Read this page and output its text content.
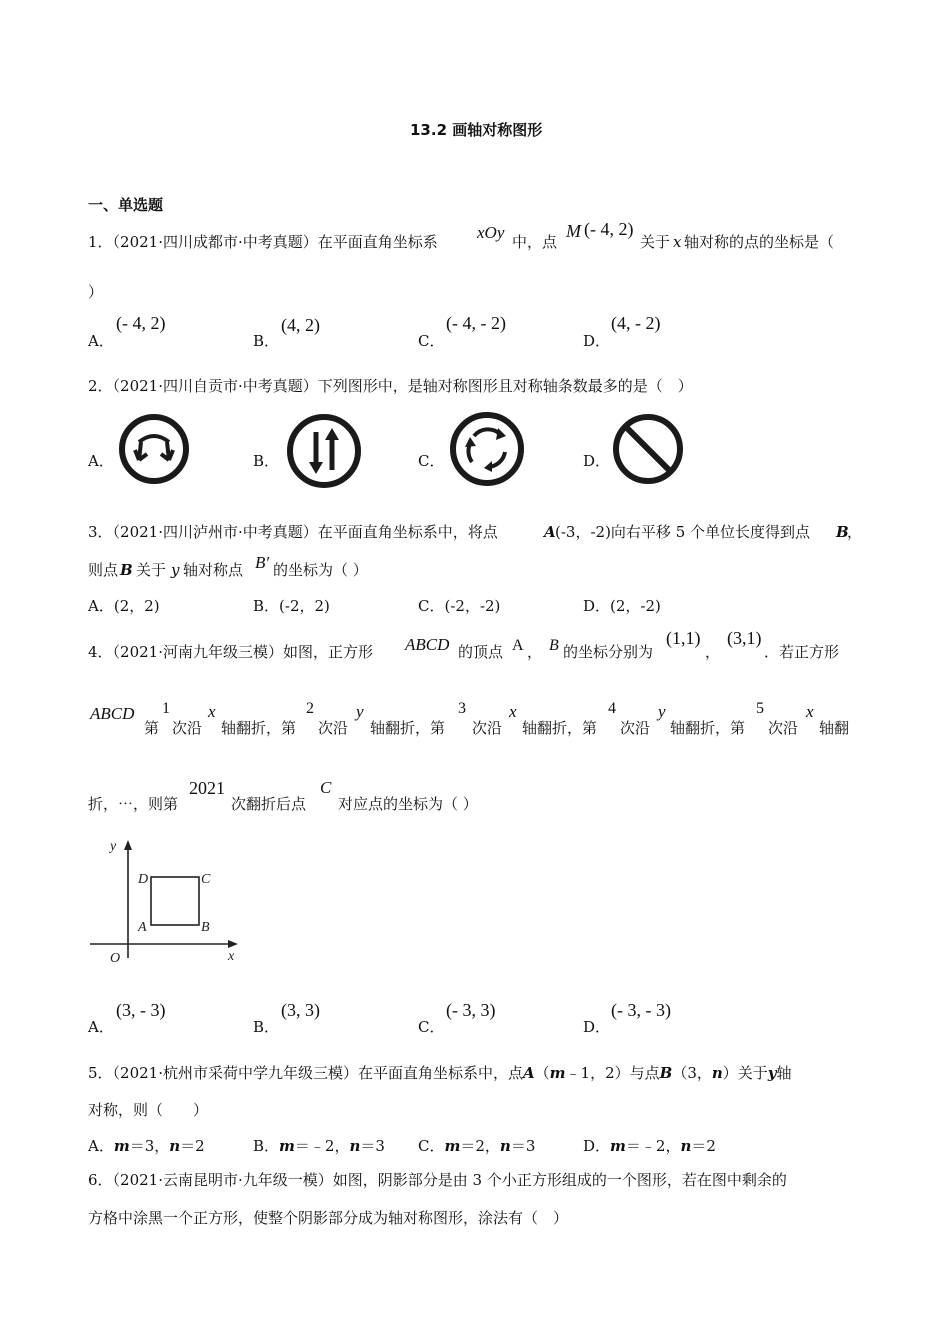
13.2 画轴对称图形
一、单选题
1．（2021·四川成都市·中考真题）在平面直角坐标系 xOy 中，点
M (- 4, 2)
关于 x 轴对称的点的坐标是（
）
A．
(- 4, 2)
B．
(4, 2)
C．
(- 4, - 2)
D．
(4, - 2)
2．（2021·四川自贡市·中考真题）下列图形中，是轴对称图形且对称轴条数最多的是（　）
A．	B．	C．	D．
3．（2021·四川泸州市·中考真题）在平面直角坐标系中，将点	A (-3，-2)向右平移 5 个单位长度得到点 B
，
则点 B 关于 y 轴对称点 B′ 的坐标为（ ）
A．(2，2)	B．(-2，2)	C．(-2，-2)	D．(2，-2)
4．（2021·河南九年级三模）如图，正方形 ABCD 的顶点 A ， B 的坐标分别为
(1,1)
，
(3,1)
．若正方形
ABCD
第
1
次沿
x
轴翻折，第
2
次沿
y
轴翻折，第
3
次沿
x
轴翻折，第
4
次沿
y
轴翻折，第
5
次沿
x
轴翻
折，⋯，则第
2021
次翻折后点
C
对应点的坐标为（ ）
y
x
O
D	C
A	B
A．
(3, - 3)
B．
(3, 3)
C．
(- 3, 3)
D．
(- 3, - 3)
5．（2021·杭州市采荷中学九年级三模）在平面直角坐标系中，点A（m﹣1，2）与点B（3，n）关于y轴
对称，则（　　）
A．m＝3，n＝2	B．m＝﹣2，n＝3 C．m＝2，n＝3	D．m＝﹣2，n＝2
6．（2021·云南昆明市·九年级一模）如图，阴影部分是由 3 个小正方形组成的一个图形，若在图中剩余的
方格中涂黑一个正方形，使整个阴影部分成为轴对称图形，涂法有（　）
